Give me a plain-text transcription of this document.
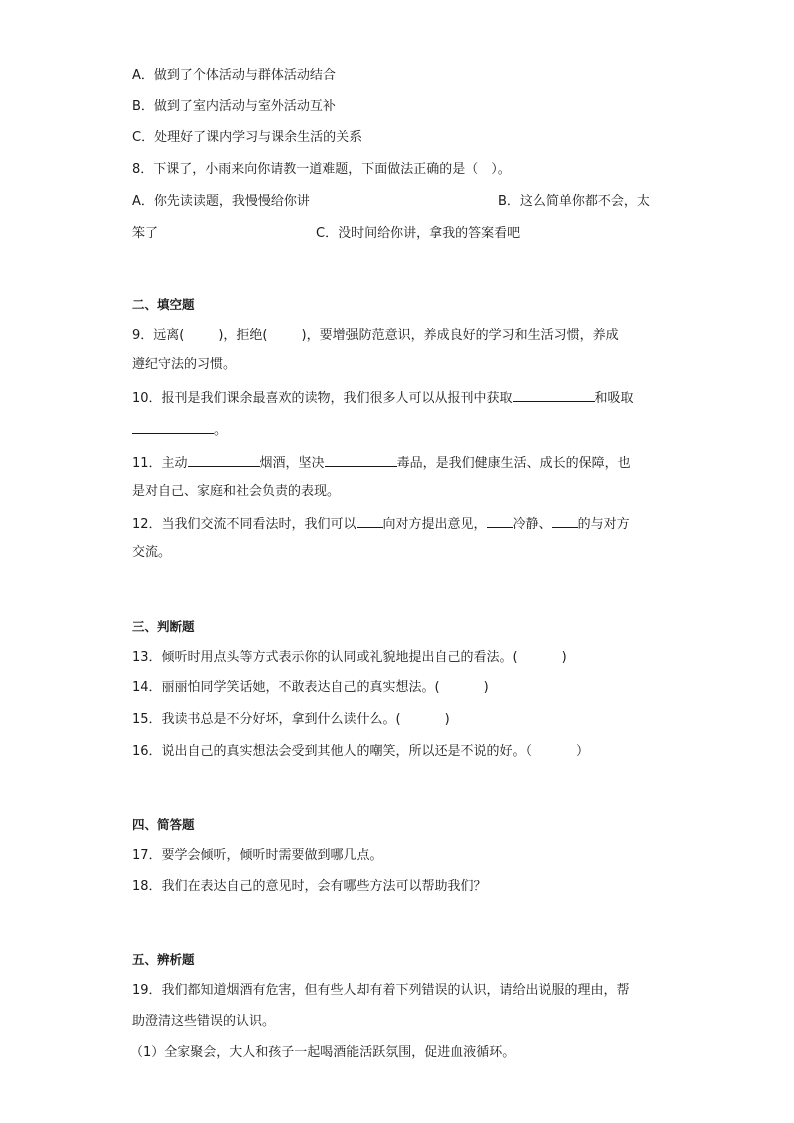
A．做到了个体活动与群体活动结合
B．做到了室内活动与室外活动互补
C．处理好了课内学习与课余生活的关系
8．下课了，小雨来向你请教一道难题，下面做法正确的是（　）。
A．你先读读题，我慢慢给你讲	B．这么简单你都不会，太
笨了	C．没时间给你讲，拿我的答案看吧
二、填空题
9．远离(	)，拒绝(	)，要增强防范意识，养成良好的学习和生活习惯，养成
遵纪守法的习惯。
10．报刊是我们课余最喜欢的读物，我们很多人可以从报刊中获取	和吸取
。
11．主动	烟酒，坚决	毒品，是我们健康生活、成长的保障，也
是对自己、家庭和社会负责的表现。
12．当我们交流不同看法时，我们可以 向对方提出意见， 冷静、 的与对方
交流。
三、判断题
13．倾听时用点头等方式表示你的认同或礼貌地提出自己的看法。(	)
14．丽丽怕同学笑话她，不敢表达自己的真实想法。(	)
15．我读书总是不分好坏，拿到什么读什么。(	)
16．说出自己的真实想法会受到其他人的嘲笑，所以还是不说的好。（	）
四、简答题
17．要学会倾听，倾听时需要做到哪几点。
18．我们在表达自己的意见时，会有哪些方法可以帮助我们？
五、辨析题
19．我们都知道烟酒有危害，但有些人却有着下列错误的认识，请给出说服的理由，帮
助澄清这些错误的认识。
（1）全家聚会，大人和孩子一起喝酒能活跃氛围，促进血液循环。
